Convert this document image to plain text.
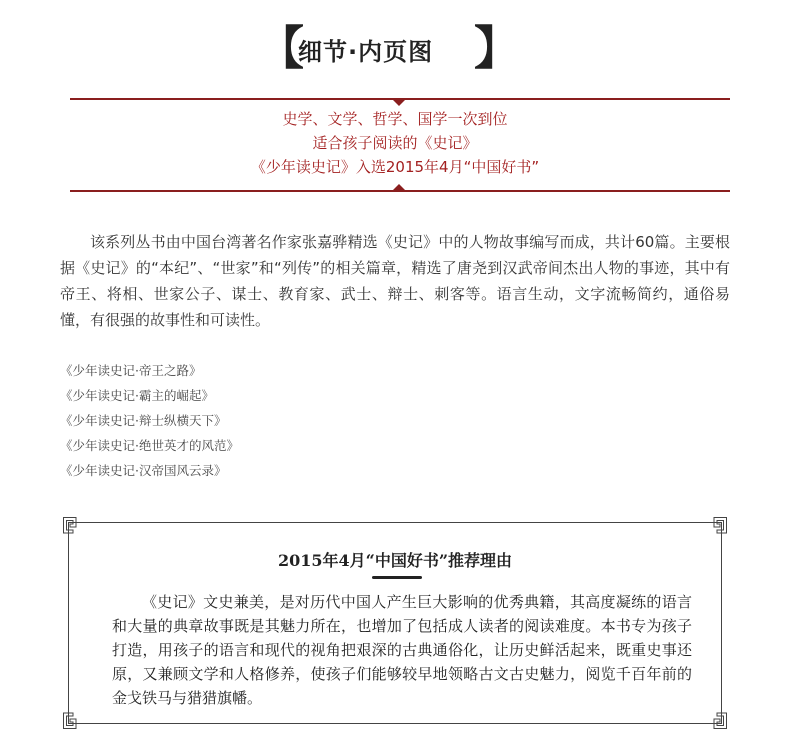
【
细节·内页图 】
史学、文学、哲学、国学一次到位
适合孩子阅读的《史记》
《少年读史记》入选2015年4月“中国好书”

该系列丛书由中国台湾著名作家张嘉骅精选《史记》中的人物故事编写而成，共计60篇。主要根据《史记》的“本纪”、“世家”和“列传”的相关篇章，精选了唐尧到汉武帝间杰出人物的事迹，其中有帝王、将相、世家公子、谋士、教育家、武士、辩士、刺客等。语言生动，文字流畅简约，通俗易懂，有很强的故事性和可读性。

《少年读史记·帝王之路》
《少年读史记·霸主的崛起》
《少年读史记·辩士纵横天下》
《少年读史记·绝世英才的风范》
《少年读史记·汉帝国风云录》
2015年4月“中国好书”推荐理由

《史记》文史兼美，是对历代中国人产生巨大影响的优秀典籍，其高度凝练的语言和大量的典章故事既是其魅力所在，也增加了包括成人读者的阅读难度。本书专为孩子打造，用孩子的语言和现代的视角把艰深的古典通俗化，让历史鲜活起来，既重史事还原，又兼顾文学和人格修养，使孩子们能够较早地领略古文古史魅力，阅览千百年前的金戈铁马与猎猎旗幡。
